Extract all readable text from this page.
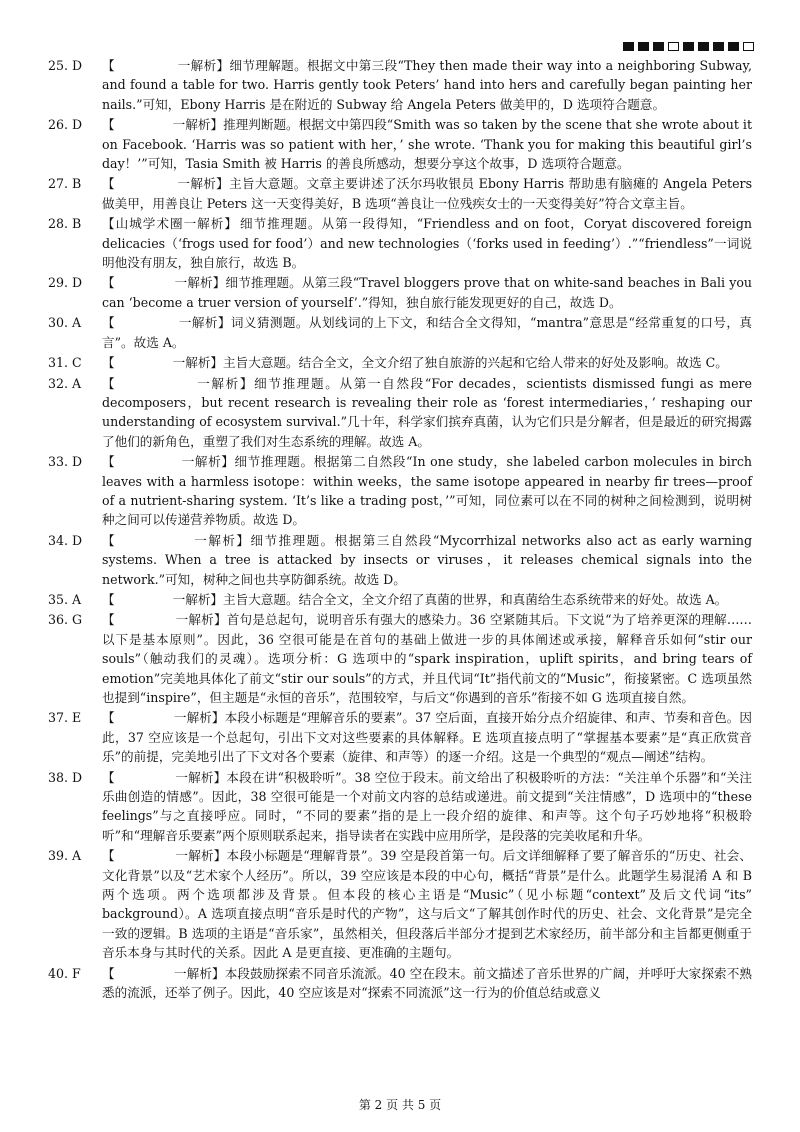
25. D 【	一解析】细节理解题。根据文中第三段“They then made their way into a neighboring Subway, and found a table for two. Harris gently took Peters’ hand into hers and carefully began painting her nails.”可知，Ebony Harris 是在附近的 Subway 给 Angela Peters 做美甲的，D 选项符合题意。
26. D 【	一解析】推理判断题。根据文中第四段“Smith was so taken by the scene that she wrote about it on Facebook. ‘Harris was so patient with her，’ she wrote. ‘Thank you for making this beautiful girl’s day！’”可知，Tasia Smith 被 Harris 的善良所感动，想要分享这个故事，D 选项符合题意。
27. B 【	一解析】主旨大意题。文章主要讲述了沃尔玛收银员 Ebony Harris 帮助患有脑瘫的 Angela Peters 做美甲，用善良让 Peters 这一天变得美好，B 选项“善良让一位残疾女士的一天变得美好”符合文章主旨。
28. B 【山城学术圈一解析】 细节推理题。从第一段得知，“Friendless and on foot，Coryat discovered foreign delicacies（‘frogs used for food’）and new technologies（‘forks used in feeding’）.”“friendless”一词说明他没有朋友，独自旅行，故选 B。
29. D 【	一解析】细节推理题。从第三段“Travel bloggers prove that on white-sand beaches in Bali you can ‘become a truer version of yourself’.”得知，独自旅行能发现更好的自己，故选 D。
30. A 【	一解析】词义猜测题。从划线词的上下文，和结合全文得知，“mantra”意思是“经常重复的口号，真言”。故选 A。
31. C 【	一解析】主旨大意题。结合全文，全文介绍了独自旅游的兴起和它给人带来的好处及影响。故选 C。
32. A 【	一解析】细节推理题。从第一自然段“For decades，scientists dismissed fungi as mere decomposers，but recent research is revealing their role as ‘forest intermediaries，’ reshaping our understanding of ecosystem survival.”几十年，科学家们摈弃真菌，认为它们只是分解者，但是最近的研究揭露了他们的新角色，重塑了我们对生态系统的理解。故选 A。
33. D 【	一解析】细节推理题。根据第二自然段“In one study，she labeled carbon molecules in birch leaves with a harmless isotope：within weeks，the same isotope appeared in nearby fir trees—proof of a nutrient-sharing system. ‘It’s like a trading post，’”可知，同位素可以在不同的树种之间检测到，说明树种之间可以传递营养物质。故选 D。
34. D 【	一解析】细节推理题。根据第三自然段“Mycorrhizal networks also act as early warning systems. When a tree is attacked by insects or viruses，it releases chemical signals into the network.”可知，树种之间也共享防御系统。故选 D。
35. A 【	一解析】主旨大意题。结合全文，全文介绍了真菌的世界，和真菌给生态系统带来的好处。故选 A。
36. G 【	一解析】首句是总起句，说明音乐有强大的感染力。36 空紧随其后。下文说“为了培养更深的理解……以下是基本原则”。因此，36 空很可能是在首句的基础上做进一步的具体阐述或承接，解释音乐如何“stir our souls”（触动我们的灵魂）。选项分析：G 选项中的“spark inspiration，uplift spirits，and bring tears of emotion”完美地具体化了前文“stir our souls”的方式，并且代词“It”指代前文的“Music”，衔接紧密。C 选项虽然也提到“inspire”，但主题是“永恒的音乐”，范围较窄，与后文“你遇到的音乐”衔接不如 G 选项直接自然。
37. E 【	一解析】本段小标题是“理解音乐的要素”。37 空后面，直接开始分点介绍旋律、和声、节奏和音色。因此，37 空应该是一个总起句，引出下文对这些要素的具体解释。E 选项直接点明了“掌握基本要素”是“真正欣赏音乐”的前提，完美地引出了下文对各个要素（旋律、和声等）的逐一介绍。这是一个典型的“观点—阐述”结构。
38. D 【	一解析】本段在讲“积极聆听”。38 空位于段末。前文给出了积极聆听的方法：“关注单个乐器”和“关注乐曲创造的情感”。因此，38 空很可能是一个对前文内容的总结或递进。前文提到“关注情感”，D 选项中的“these feelings”与之直接呼应。同时，“不同的要素”指的是上一段介绍的旋律、和声等。这个句子巧妙地将“积极聆听”和“理解音乐要素”两个原则联系起来，指导读者在实践中应用所学，是段落的完美收尾和升华。
39. A 【	一解析】本段小标题是“理解背景”。39 空是段首第一句。后文详细解释了要了解音乐的“历史、社会、文化背景”以及“艺术家个人经历”。所以，39 空应该是本段的中心句，概括“背景”是什么。此题学生易混淆 A 和 B 两个选项。两个选项都涉及背景。但本段的核心主语是“Music”（见小标题“context”及后文代词“its” background）。A 选项直接点明“音乐是时代的产物”，这与后文“了解其创作时代的历史、社会、文化背景”是完全一致的逻辑。B 选项的主语是“音乐家”，虽然相关，但段落后半部分才提到艺术家经历，前半部分和主旨都更侧重于音乐本身与其时代的关系。因此 A 是更直接、更准确的主题句。
40. F 【	一解析】本段鼓励探索不同音乐流派。40 空在段末。前文描述了音乐世界的广阔，并呼吁大家探索不熟悉的流派，还举了例子。因此，40 空应该是对“探索不同流派”这一行为的价值总结或意义
第 2 页 共 5 页
